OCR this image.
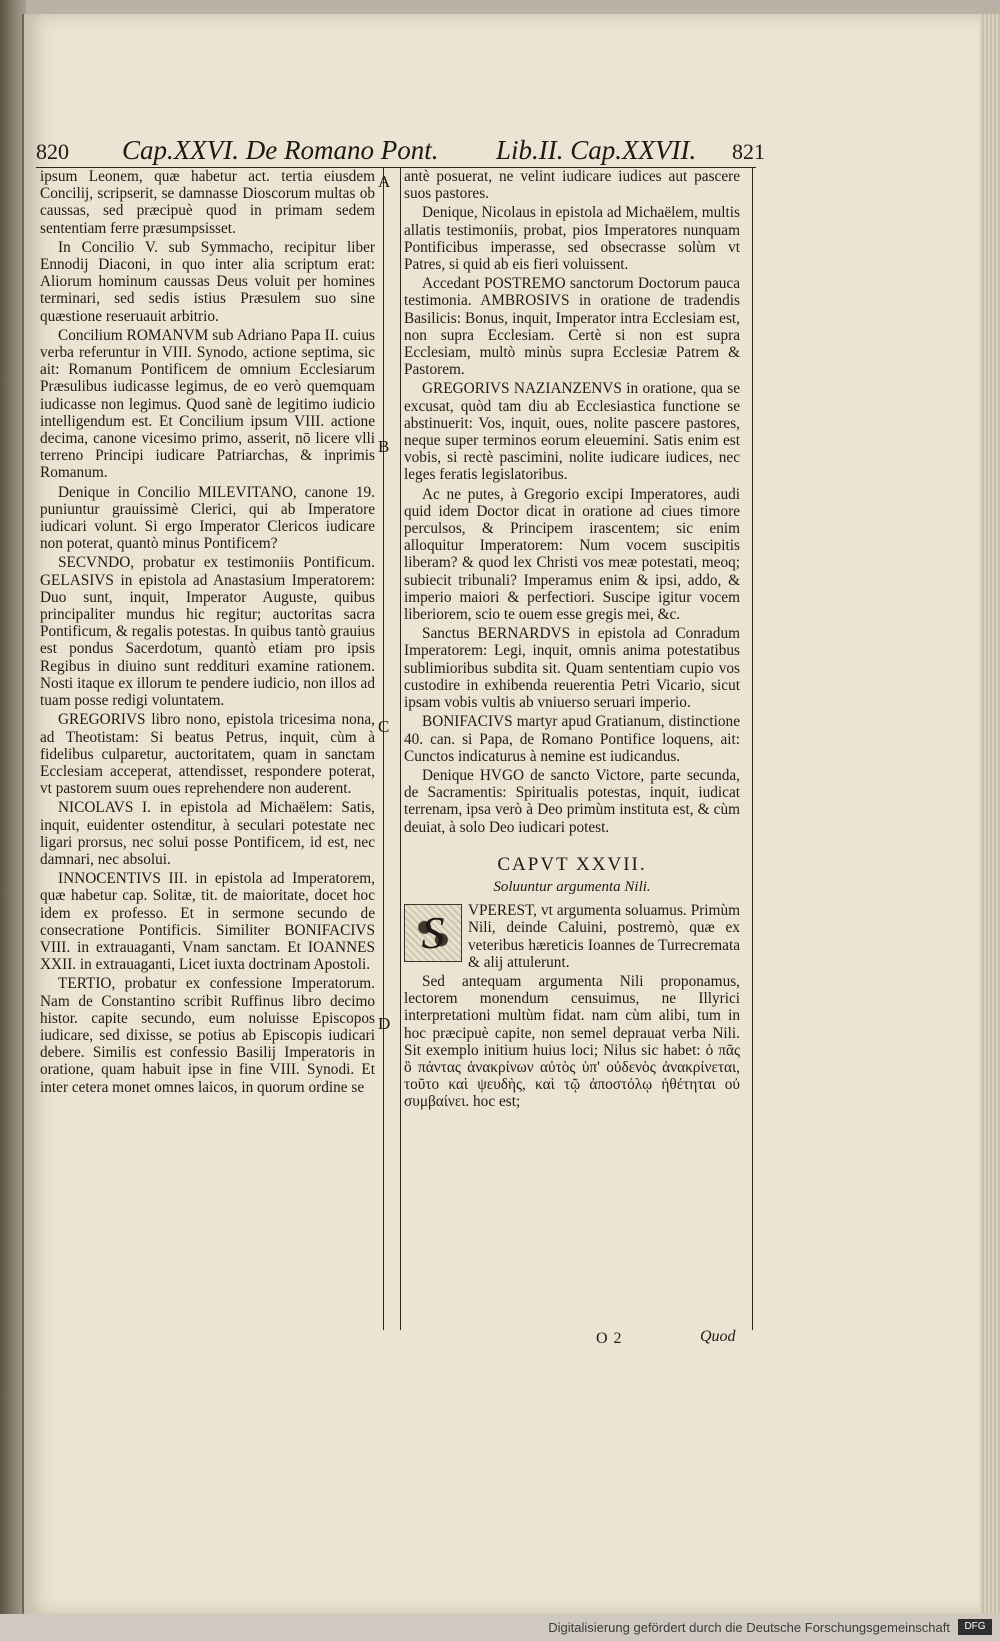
820 Cap.XXVI. De Romano Pont. Lib.II. Cap.XXVII. 821

ipsum Leonem, quæ habetur act. tertia eiusdem Concilij, scripserit, se damnasse Dioscorum multas ob caussas, sed præcipuè quod in primam sedem sententiam ferre præsumpsisset.

In Concilio V. sub Symmacho, recipitur liber Ennodij Diaconi, in quo inter alia scriptum erat: Aliorum hominum caussas Deus voluit per homines terminari, sed sedis istius Præsulem suo sine quæstione reseruauit arbitrio.

Concilium ROMANVM sub Adriano Papa II. cuius verba referuntur in VIII. Synodo, actione septima, sic ait: Romanum Pontificem de omnium Ecclesiarum Præsulibus iudicasse legimus, de eo verò quemquam iudicasse non legimus. Quod sanè de legitimo iudicio intelligendum est. Et Concilium ipsum VIII. actione decima, canone vicesimo primo, asserit, nō licere vlli terreno Principi iudicare Patriarchas, & inprimis Romanum.

Denique in Concilio MILEVITANO, canone 19. puniuntur grauissimè Clerici, qui ab Imperatore iudicari volunt. Si ergo Imperator Clericos iudicare non poterat, quantò minus Pontificem?

SECVNDO, probatur ex testimoniis Pontificum. GELASIVS in epistola ad Anastasium Imperatorem: Duo sunt, inquit, Imperator Auguste, quibus principaliter mundus hic regitur; auctoritas sacra Pontificum, & regalis potestas. In quibus tantò grauius est pondus Sacerdotum, quantò etiam pro ipsis Regibus in diuino sunt reddituri examine rationem. Nosti itaque ex illorum te pendere iudicio, non illos ad tuam posse redigi voluntatem.

GREGORIVS libro nono, epistola tricesima nona, ad Theotistam: Si beatus Petrus, inquit, cùm à fidelibus culparetur, auctoritatem, quam in sanctam Ecclesiam acceperat, attendisset, respondere poterat, vt pastorem suum oues reprehendere non auderent.

NICOLAVS I. in epistola ad Michaëlem: Satis, inquit, euidenter ostenditur, à seculari potestate nec ligari prorsus, nec solui posse Pontificem, id est, nec damnari, nec absolui.

INNOCENTIVS III. in epistola ad Imperatorem, quæ habetur cap. Solitæ, tit. de maioritate, docet hoc idem ex professo. Et in sermone secundo de consecratione Pontificis. Similiter BONIFACIVS VIII. in extrauaganti, Vnam sanctam. Et IOANNES XXII. in extrauaganti, Licet iuxta doctrinam Apostoli.

TERTIO, probatur ex confessione Imperatorum. Nam de Constantino scribit Ruffinus libro decimo histor. capite secundo, eum noluisse Episcopos iudicare, sed dixisse, se potius ab Episcopis iudicari debere. Similis est confessio Basilij Imperatoris in oratione, quam habuit ipse in fine VIII. Synodi. Et inter cetera monet omnes laicos, in quorum ordine se

A
B
C
D

antè posuerat, ne velint iudicare iudices aut pascere suos pastores.

Denique, Nicolaus in epistola ad Michaëlem, multis allatis testimoniis, probat, pios Imperatores nunquam Pontificibus imperasse, sed obsecrasse solùm vt Patres, si quid ab eis fieri voluissent.

Accedant POSTREMO sanctorum Doctorum pauca testimonia. AMBROSIVS in oratione de tradendis Basilicis: Bonus, inquit, Imperator intra Ecclesiam est, non supra Ecclesiam. Certè si non est supra Ecclesiam, multò minùs supra Ecclesiæ Patrem & Pastorem.

GREGORIVS NAZIANZENVS in oratione, qua se excusat, quòd tam diu ab Ecclesiastica functione se abstinuerit: Vos, inquit, oues, nolite pascere pastores, neque super terminos eorum eleuemini. Satis enim est vobis, si rectè pascimini, nolite iudicare iudices, nec leges feratis legislatoribus.

Ac ne putes, à Gregorio excipi Imperatores, audi quid idem Doctor dicat in oratione ad ciues timore perculsos, & Principem irascentem; sic enim alloquitur Imperatorem: Num vocem suscipitis liberam? & quod lex Christi vos meæ potestati, meoq; subiecit tribunali? Imperamus enim & ipsi, addo, & imperio maiori & perfectiori. Suscipe igitur vocem liberiorem, scio te ouem esse gregis mei, &c.

Sanctus BERNARDVS in epistola ad Conradum Imperatorem: Legi, inquit, omnis anima potestatibus sublimioribus subdita sit. Quam sententiam cupio vos custodire in exhibenda reuerentia Petri Vicario, sicut ipsam vobis vultis ab vniuerso seruari imperio.

BONIFACIVS martyr apud Gratianum, distinctione 40. can. si Papa, de Romano Pontifice loquens, ait: Cunctos indicaturus à nemine est iudicandus.

Denique HVGO de sancto Victore, parte secunda, de Sacramentis: Spiritualis potestas, inquit, iudicat terrenam, ipsa verò à Deo primùm instituta est, & cùm deuiat, à solo Deo iudicari potest.

CAPVT XXVII.

Soluuntur argumenta Nili.

S	VPEREST, vt argumenta soluamus. Primùm Nili, deinde Caluini, postremò, quæ ex veteribus hæreticis Ioannes de Turrecremata & alij attulerunt.

Sed antequam argumenta Nili proponamus, lectorem monendum censuimus, ne Illyrici interpretationi multùm fidat. nam cùm alibi, tum in hoc præcipuè capite, non semel deprauat verba Nili. Sit exemplo initium huius loci; Nilus sic habet: ὁ πᾶς ὃ πάντας ἀνακρίνων αὐτὸς ὑπ' οὐδενὸς ἀνακρίνεται, τοῦτο καὶ ψευδὴς, καὶ τῷ ἀποστόλῳ ἡθέτηται οὐ συμβαίνει. hoc est;

O 2	Quod
Digitalisierung gefördert durch die Deutsche Forschungsgemeinschaft	DFG
